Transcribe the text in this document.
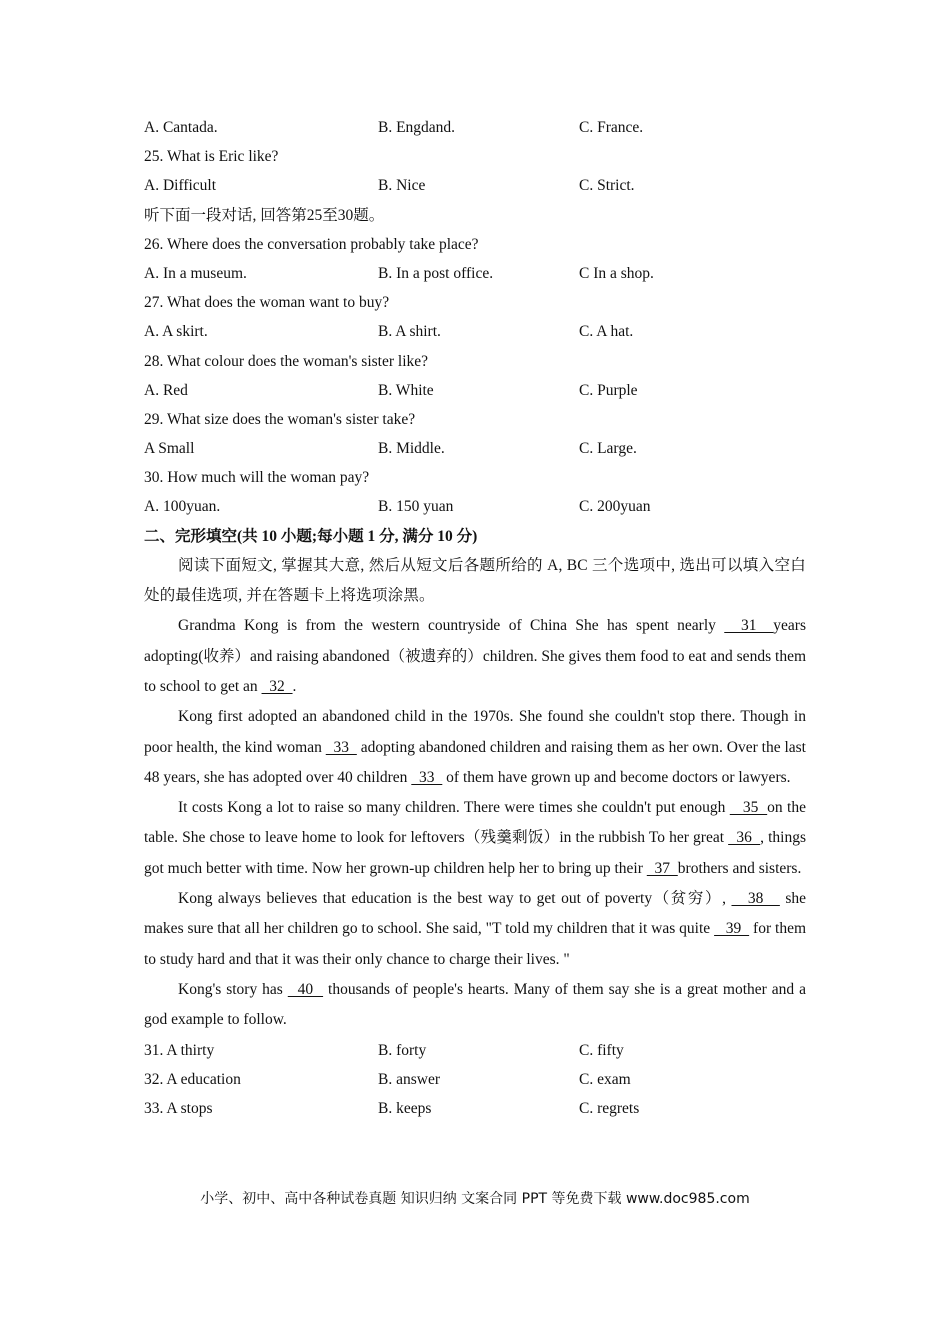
A. Cantada.	B. Engdand.	C. France.
25. What is Eric like?
A. Difficult	B. Nice	C. Strict.
听下面一段对话, 回答第25至30题。
26. Where does the conversation probably take place?
A. In a museum.	B. In a post office.	C In a shop.
27. What does the woman want to buy?
A. A skirt.	B. A shirt.	C. A hat.
28. What colour does the woman's sister like?
A. Red	B. White	C. Purple
29. What size does the woman's sister take?
A Small	B. Middle.	C. Large.
30. How much will the woman pay?
A. 100yuan.	B. 150 yuan	C. 200yuan
二、完形填空(共 10 小题;每小题 1 分, 满分 10 分)

阅读下面短文, 掌握其大意, 然后从短文后各题所给的 A, BC 三个选项中, 选出可以填入空白处的最佳选项, 并在答题卡上将选项涂黑。

Grandma Kong is from the western countryside of China She has spent nearly   31  years adopting(收养）and raising abandoned（被遗弃的）children. She gives them food to eat and sends them to school to get an   32  .

Kong first adopted an abandoned child in the 1970s. She found she couldn't stop there. Though in poor health, the kind woman   33   adopting abandoned children and raising them as her own. Over the last 48 years, she has adopted over 40 children   33   of them have grown up and become doctors or lawyers.

It costs Kong a lot to raise so many children. There were times she couldn't put enough    35  on the table. She chose to leave home to look for leftovers（残羹剩饭）in the rubbish To her great   36  , things got much better with time. Now her grown-up children help her to bring up their   37  brothers and sisters.

Kong always believes that education is the best way to get out of poverty（贫穷）,    38    she makes sure that all her children go to school. She said, "T told my children that it was quite    39   for them to study hard and that it was their only chance to charge their lives. "

Kong's story has   40   thousands of people's hearts. Many of them say she is a great mother and a god example to follow.

31. A thirty	B. forty	C. fifty
32. A education	B. answer	C. exam
33. A stops	B. keeps	C. regrets
小学、初中、高中各种试卷真题 知识归纳 文案合同 PPT 等免费下载 www.doc985.com
